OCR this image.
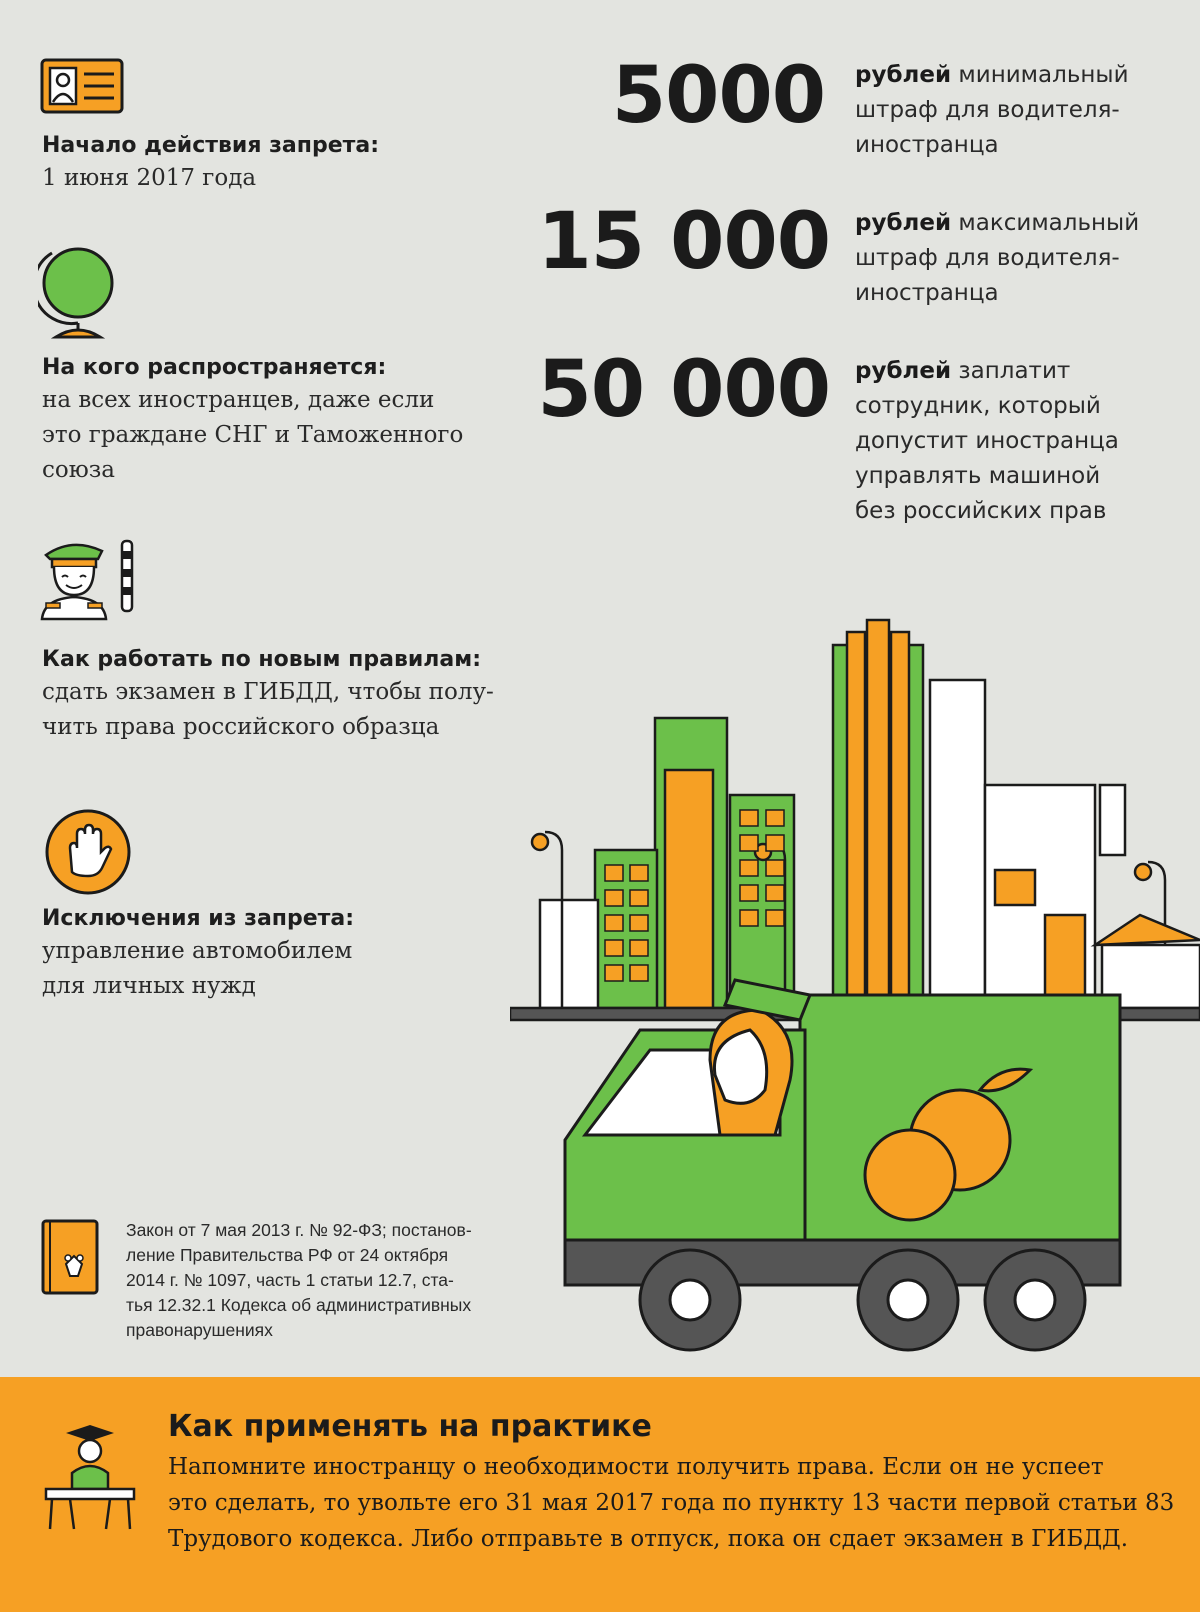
Начало действия запрета:

1 июня 2017 года

На кого распространяется:

на всех иностранцев, даже если

это граждане СНГ и Таможенного

союза

Как работать по новым правилам:

сдать экзамен в ГИБДД, чтобы полу-

чить права российского образца

Исключения из запрета:

управление автомобилем

для личных нужд

5000 рублей минимальный
штраф для водителя-
иностранца
15 000 рублей максимальный
штраф для водителя-
иностранца
50 000 рублей заплатит
сотрудник, который
допустит иностранца
управлять машиной
без российских прав
Закон от 7 мая 2013 г. № 92-ФЗ; постанов-
ление Правительства РФ от 24 октября
2014 г. № 1097, часть 1 статьи 12.7, ста-
тья 12.32.1 Кодекса об административных
правонарушениях
Как применять на практике
Напомните иностранцу о необходимости получить права. Если он не успеет
это сделать, то увольте его 31 мая 2017 года по пункту 13 части первой статьи 83
Трудового кодекса. Либо отправьте в отпуск, пока он сдает экзамен в ГИБДД.
